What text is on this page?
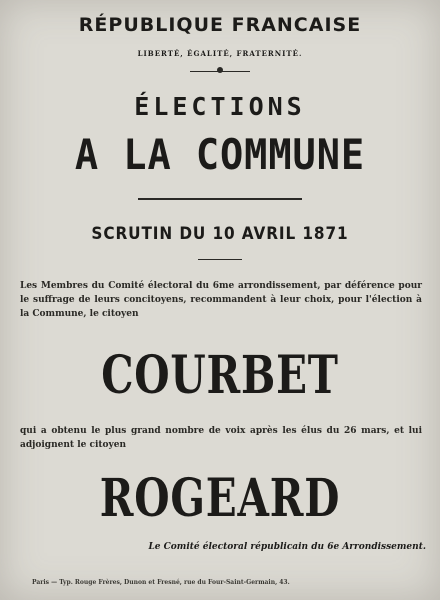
RÉPUBLIQUE FRANCAISE
LIBERTÉ, ÉGALITÉ, FRATERNITÉ.
ÉLECTIONS
A LA COMMUNE
SCRUTIN DU 10 AVRIL 1871
Les Membres du Comité électoral du 6me arrondissement, par déférence pour le suffrage de leurs concitoyens, recommandent à leur choix, pour l'élection à la Commune, le citoyen
COURBET
qui a obtenu le plus grand nombre de voix après les élus du 26 mars, et lui adjoignent le citoyen
ROGEARD
Le Comité électoral républicain du 6e Arrondissement.
Paris — Typ. Rouge Frères, Dunon et Fresné, rue du Four-Saint-Germain, 43.
